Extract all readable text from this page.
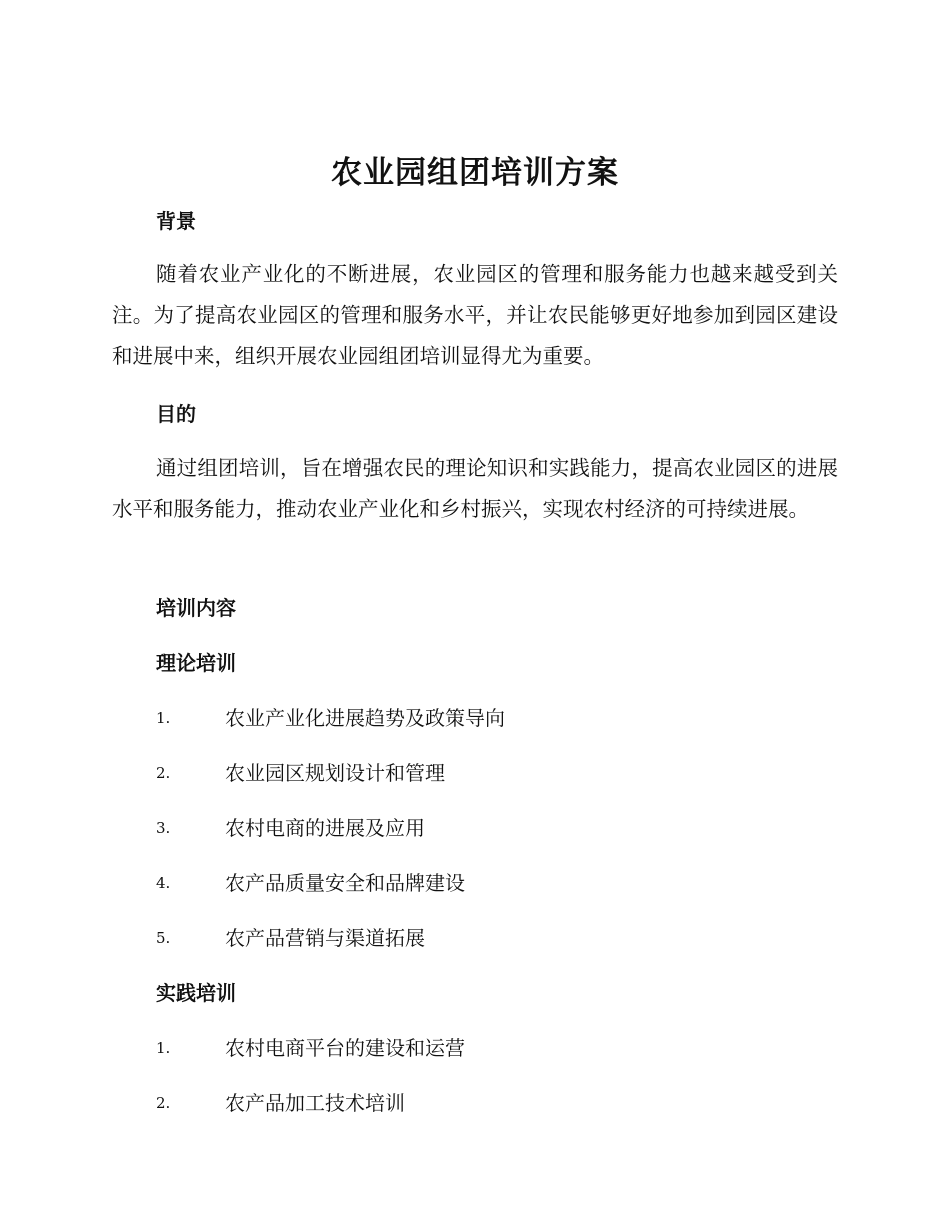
农业园组团培训方案
背景

随着农业产业化的不断进展，农业园区的管理和服务能力也越来越受到关注。为了提高农业园区的管理和服务水平，并让农民能够更好地参加到园区建设和进展中来，组织开展农业园组团培训显得尤为重要。

目的

通过组团培训，旨在增强农民的理论知识和实践能力，提高农业园区的进展水平和服务能力，推动农业产业化和乡村振兴，实现农村经济的可持续进展。

培训内容
理论培训
1.	农业产业化进展趋势及政策导向
2.	农业园区规划设计和管理
3.	农村电商的进展及应用
4.	农产品质量安全和品牌建设
5.	农产品营销与渠道拓展
实践培训
1.	农村电商平台的建设和运营
2.	农产品加工技术培训
